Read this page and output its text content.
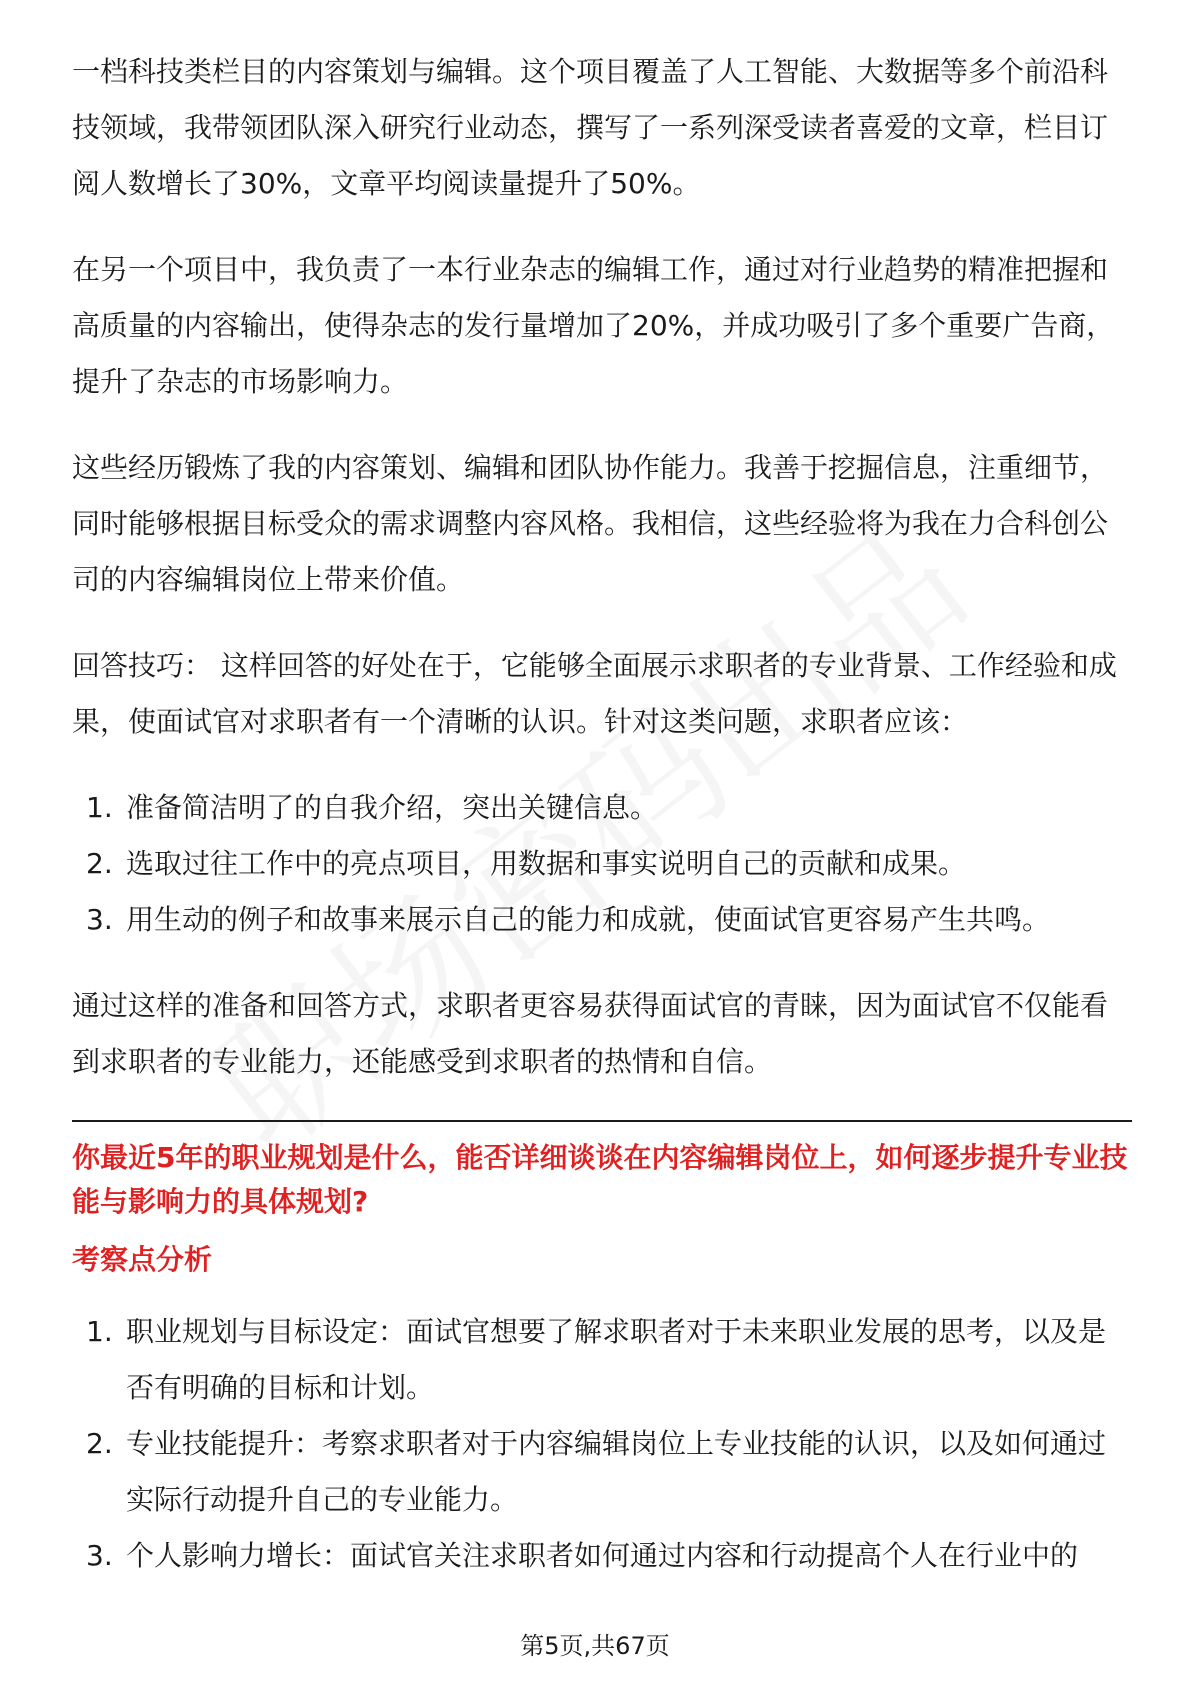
一档科技类栏目的内容策划与编辑。这个项目覆盖了人工智能、大数据等多个前沿科技领域，我带领团队深入研究行业动态，撰写了一系列深受读者喜爱的文章，栏目订阅人数增长了30%，文章平均阅读量提升了50%。

在另一个项目中，我负责了一本行业杂志的编辑工作，通过对行业趋势的精准把握和高质量的内容输出，使得杂志的发行量增加了20%，并成功吸引了多个重要广告商，提升了杂志的市场影响力。

这些经历锻炼了我的内容策划、编辑和团队协作能力。我善于挖掘信息，注重细节，同时能够根据目标受众的需求调整内容风格。我相信，这些经验将为我在力合科创公司的内容编辑岗位上带来价值。

回答技巧： 这样回答的好处在于，它能够全面展示求职者的专业背景、工作经验和成果，使面试官对求职者有一个清晰的认识。针对这类问题，求职者应该：

1. 准备简洁明了的自我介绍，突出关键信息。
2. 选取过往工作中的亮点项目，用数据和事实说明自己的贡献和成果。
3. 用生动的例子和故事来展示自己的能力和成就，使面试官更容易产生共鸣。

通过这样的准备和回答方式，求职者更容易获得面试官的青睐，因为面试官不仅能看到求职者的专业能力，还能感受到求职者的热情和自信。

你最近5年的职业规划是什么，能否详细谈谈在内容编辑岗位上，如何逐步提升专业技能与影响力的具体规划?

考察点分析

1. 职业规划与目标设定：面试官想要了解求职者对于未来职业发展的思考，以及是否有明确的目标和计划。
2. 专业技能提升：考察求职者对于内容编辑岗位上专业技能的认识，以及如何通过实际行动提升自己的专业能力。
3. 个人影响力增长：面试官关注求职者如何通过内容和行动提高个人在行业中的
第5页,共67页
